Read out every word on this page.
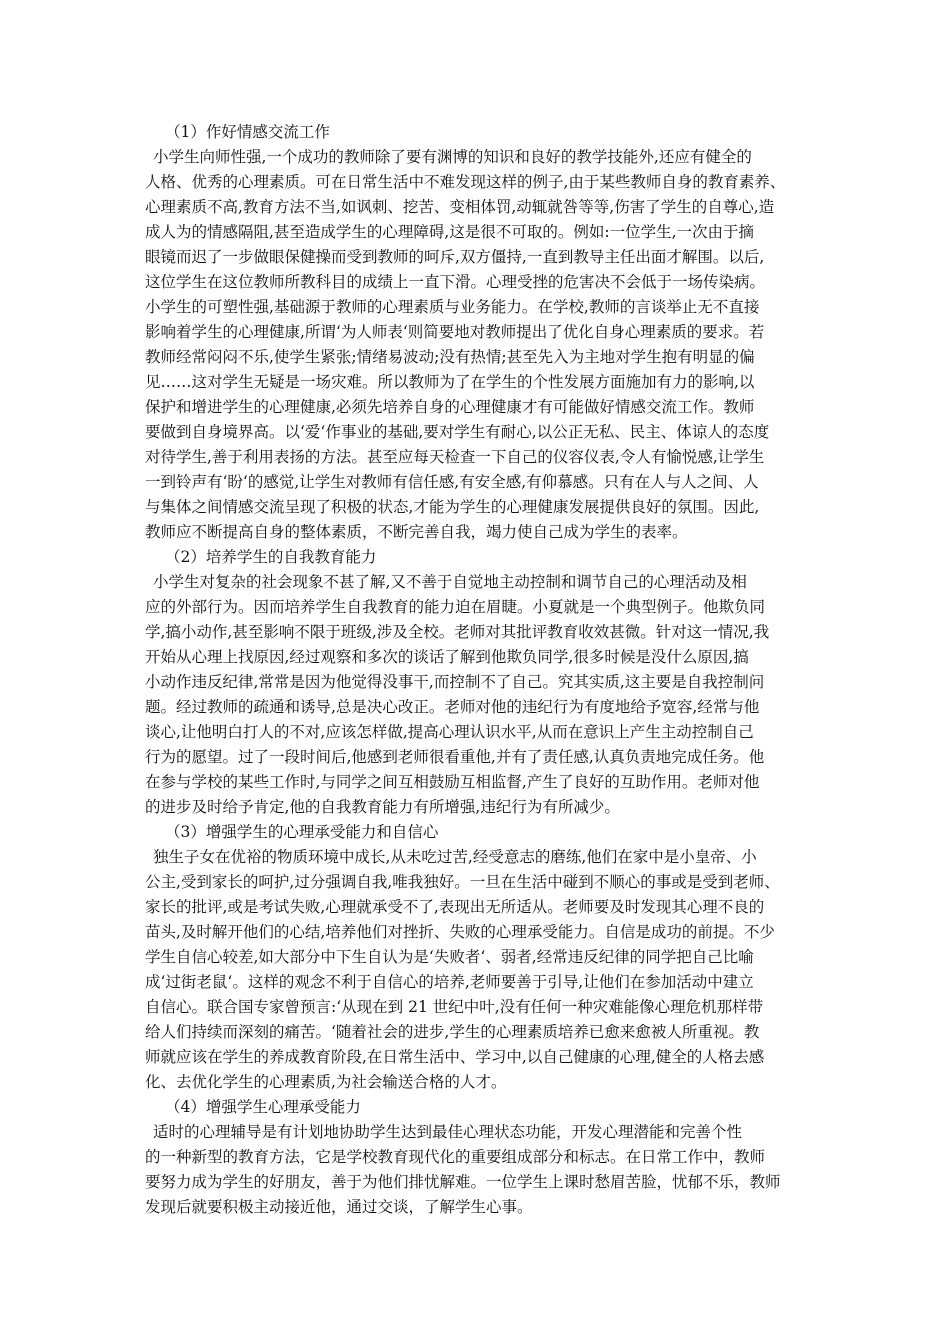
（1）作好情感交流工作
小学生向师性强,一个成功的教师除了要有渊博的知识和良好的教学技能外,还应有健全的
人格、优秀的心理素质。可在日常生活中不难发现这样的例子,由于某些教师自身的教育素养、
心理素质不高,教育方法不当,如讽刺、挖苦、变相体罚,动辄就咎等等,伤害了学生的自尊心,造
成人为的情感隔阻,甚至造成学生的心理障碍,这是很不可取的。例如:一位学生,一次由于摘
眼镜而迟了一步做眼保健操而受到教师的呵斥,双方僵持,一直到教导主任出面才解围。以后,
这位学生在这位教师所教科目的成绩上一直下滑。心理受挫的危害决不会低于一场传染病。
小学生的可塑性强,基础源于教师的心理素质与业务能力。在学校,教师的言谈举止无不直接
影响着学生的心理健康,所谓‘为人师表‘则简要地对教师提出了优化自身心理素质的要求。若
教师经常闷闷不乐,使学生紧张;情绪易波动;没有热情;甚至先入为主地对学生抱有明显的偏
见……这对学生无疑是一场灾难。所以教师为了在学生的个性发展方面施加有力的影响,以
保护和增进学生的心理健康,必须先培养自身的心理健康才有可能做好情感交流工作。教师
要做到自身境界高。以‘爱‘作事业的基础,要对学生有耐心,以公正无私、民主、体谅人的态度
对待学生,善于利用表扬的方法。甚至应每天检查一下自己的仪容仪表,令人有愉悦感,让学生
一到铃声有‘盼‘的感觉,让学生对教师有信任感,有安全感,有仰慕感。只有在人与人之间、人
与集体之间情感交流呈现了积极的状态,才能为学生的心理健康发展提供良好的氛围。因此,
教师应不断提高自身的整体素质，不断完善自我，竭力使自己成为学生的表率。
（2）培养学生的自我教育能力
小学生对复杂的社会现象不甚了解,又不善于自觉地主动控制和调节自己的心理活动及相
应的外部行为。因而培养学生自我教育的能力迫在眉睫。小夏就是一个典型例子。他欺负同
学,搞小动作,甚至影响不限于班级,涉及全校。老师对其批评教育收效甚微。针对这一情况,我
开始从心理上找原因,经过观察和多次的谈话了解到他欺负同学,很多时候是没什么原因,搞
小动作违反纪律,常常是因为他觉得没事干,而控制不了自己。究其实质,这主要是自我控制问
题。经过教师的疏通和诱导,总是决心改正。老师对他的违纪行为有度地给予宽容,经常与他
谈心,让他明白打人的不对,应该怎样做,提高心理认识水平,从而在意识上产生主动控制自己
行为的愿望。过了一段时间后,他感到老师很看重他,并有了责任感,认真负责地完成任务。他
在参与学校的某些工作时,与同学之间互相鼓励互相监督,产生了良好的互助作用。老师对他
的进步及时给予肯定,他的自我教育能力有所增强,违纪行为有所减少。
（3）增强学生的心理承受能力和自信心
独生子女在优裕的物质环境中成长,从未吃过苦,经受意志的磨练,他们在家中是小皇帝、小
公主,受到家长的呵护,过分强调自我,唯我独好。一旦在生活中碰到不顺心的事或是受到老师、
家长的批评,或是考试失败,心理就承受不了,表现出无所适从。老师要及时发现其心理不良的
苗头,及时解开他们的心结,培养他们对挫折、失败的心理承受能力。自信是成功的前提。不少
学生自信心较差,如大部分中下生自认为是‘失败者‘、弱者,经常违反纪律的同学把自己比喻
成‘过街老鼠‘。这样的观念不利于自信心的培养,老师要善于引导,让他们在参加活动中建立
自信心。联合国专家曾预言:‘从现在到 21 世纪中叶,没有任何一种灾难能像心理危机那样带
给人们持续而深刻的痛苦。‘随着社会的进步,学生的心理素质培养已愈来愈被人所重视。教
师就应该在学生的养成教育阶段,在日常生活中、学习中,以自己健康的心理,健全的人格去感
化、去优化学生的心理素质,为社会输送合格的人才。
（4）增强学生心理承受能力
适时的心理辅导是有计划地协助学生达到最佳心理状态功能，开发心理潜能和完善个性
的一种新型的教育方法，它是学校教育现代化的重要组成部分和标志。在日常工作中，教师
要努力成为学生的好朋友，善于为他们排忧解难。一位学生上课时愁眉苦脸，忧郁不乐，教师
发现后就要积极主动接近他，通过交谈，了解学生心事。
